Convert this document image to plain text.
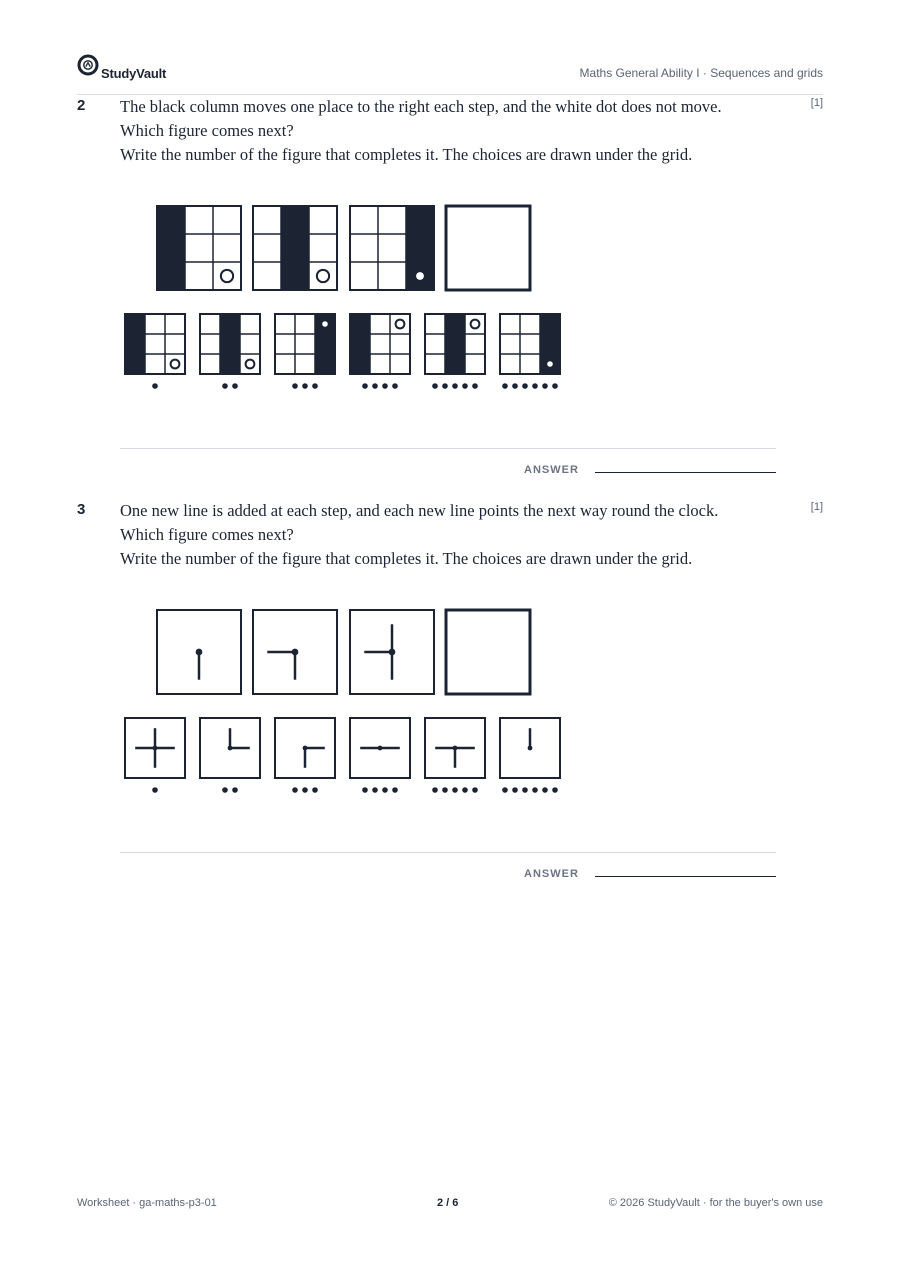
StudyVault	Maths General Ability I · Sequences and grids
2 The black column moves one place to the right each step, and the white dot does not move. Which figure comes next?

Write the number of the figure that completes it. The choices are drawn under the grid.

[1]
ANSWER
3 One new line is added at each step, and each new line points the next way round the clock. Which figure comes next?

Write the number of the figure that completes it. The choices are drawn under the grid.

[1]
ANSWER
Worksheet · ga-maths-p3-01	2 / 6	© 2026 StudyVault · for the buyer's own use
